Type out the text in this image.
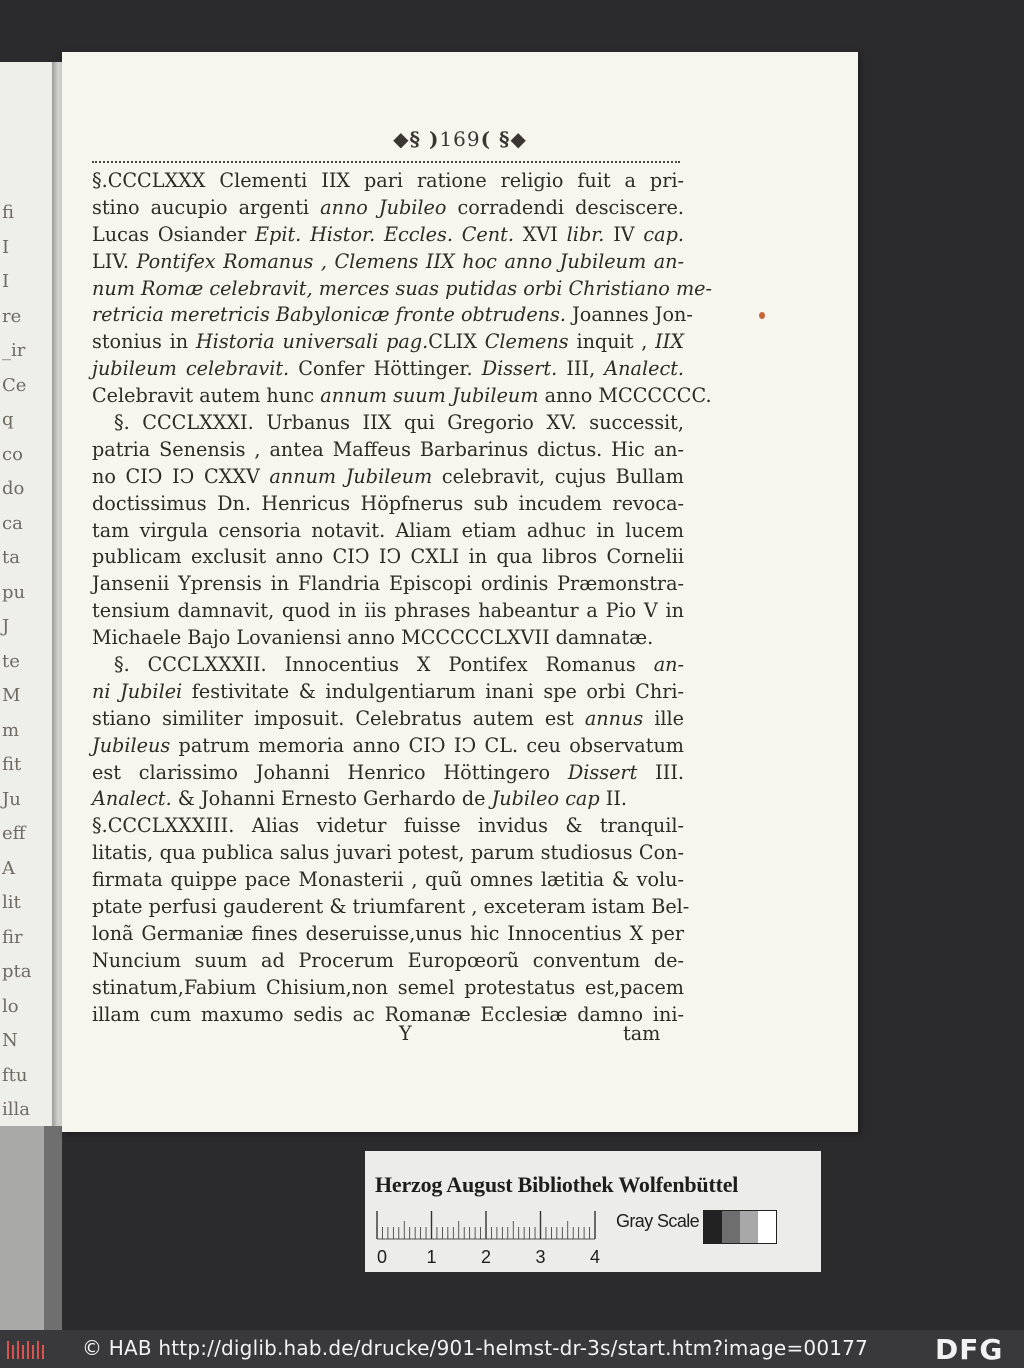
fi
I
I
re
_ir
Ce
q
co
do
ca
ta
pu
J
te
M
m
fit
Ju
eff
A
lit
fir
pta
lo
N
ftu
illa
◆§ )169( §◆
§.CCCLXXX Clementi IIX pari ratione religio fuit a pri-
stino aucupio argenti anno Jubileo corradendi desciscere.
Lucas Osiander Epit. Histor. Eccles. Cent. XVI libr. IV cap.
LIV. Pontifex Romanus , Clemens IIX hoc anno Jubileum an-
num Romæ celebravit, merces suas putidas orbi Christiano me-
retricia meretricis Babylonicæ fronte obtrudens. Joannes Jon-
stonius in Historia universali pag.CLIX Clemens inquit , IIX
jubileum celebravit. Confer Höttinger. Dissert. III, Analect.
Celebravit autem hunc annum suum Jubileum anno MCCCCCC.
§. CCCLXXXI. Urbanus IIX qui Gregorio XV. successit,
patria Senensis , antea Maffeus Barbarinus dictus. Hic an-
no CIↃ IↃ CXXV annum Jubileum celebravit, cujus Bullam
doctissimus Dn. Henricus Höpfnerus sub incudem revoca-
tam virgula censoria notavit. Aliam etiam adhuc in lucem
publicam exclusit anno CIↃ IↃ CXLI in qua libros Cornelii
Jansenii Yprensis in Flandria Episcopi ordinis Præmonstra-
tensium damnavit, quod in iis phrases habeantur a Pio V in
Michaele Bajo Lovaniensi anno MCCCCCLXVII damnatæ.
§. CCCLXXXII. Innocentius X Pontifex Romanus an-
ni Jubilei festivitate & indulgentiarum inani spe orbi Chri-
stiano similiter imposuit. Celebratus autem est annus ille
Jubileus patrum memoria anno CIↃ IↃ CL. ceu observatum
est clarissimo Johanni Henrico Höttingero Dissert III.
Analect. & Johanni Ernesto Gerhardo de Jubileo cap II.
§.CCCLXXXIII. Alias videtur fuisse invidus & tranquil-
litatis, qua publica salus juvari potest, parum studiosus Con-
firmata quippe pace Monasterii , quũ omnes lætitia & volu-
ptate perfusi gauderent & triumfarent , exceteram istam Bel-
lonã Germaniæ fines deseruisse,unus hic Innocentius X per
Nuncium suum ad Procerum Europœorũ conventum de-
stinatum,Fabium Chisium,non semel protestatus est,pacem
illam cum maxumo sedis ac Romanæ Ecclesiæ damno ini-
Y	tam
Herzog August Bibliothek Wolfenbüttel
0 1 2 3 4
Gray Scale
© HAB http://diglib.hab.de/drucke/901-helmst-dr-3s/start.htm?image=00177 DFG
